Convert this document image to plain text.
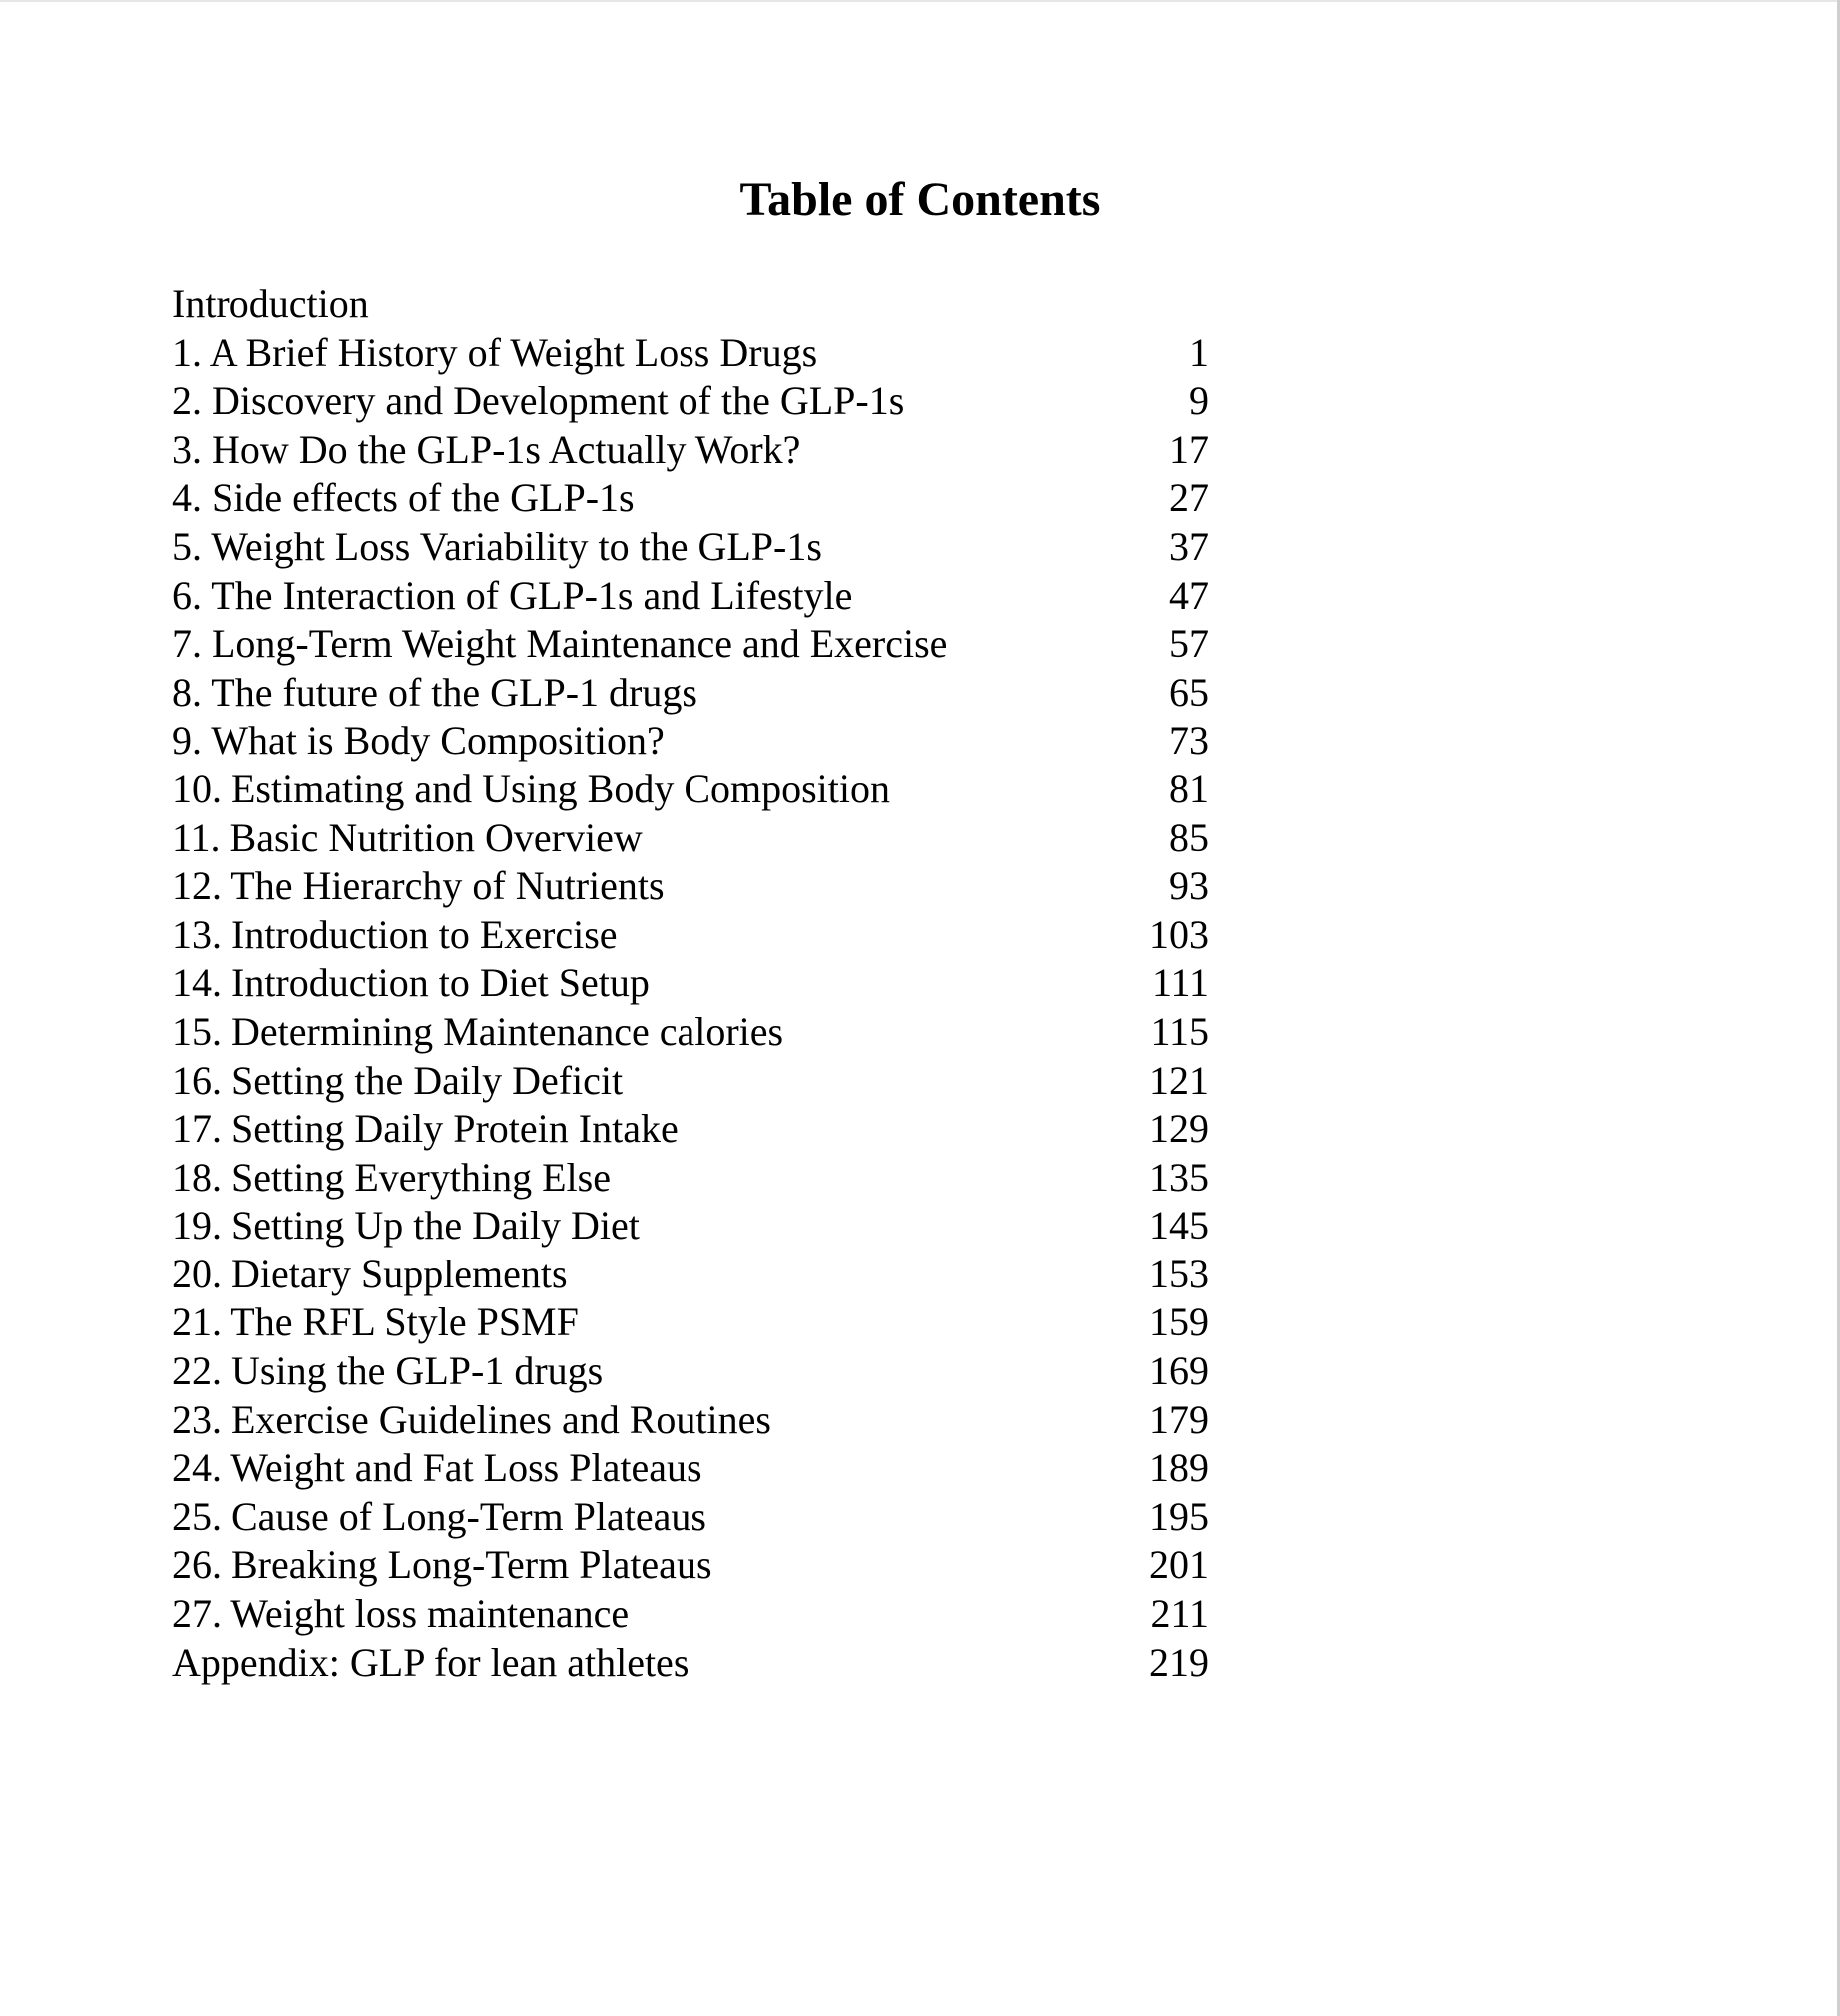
Table of Contents
Introduction
1. A Brief History of Weight Loss Drugs	1
2. Discovery and Development of the GLP-1s	9
3. How Do the GLP-1s Actually Work?	17
4. Side effects of the GLP-1s	27
5. Weight Loss Variability to the GLP-1s	37
6. The Interaction of GLP-1s and Lifestyle	47
7. Long-Term Weight Maintenance and Exercise	57
8. The future of the GLP-1 drugs	65
9. What is Body Composition?	73
10. Estimating and Using Body Composition	81
11. Basic Nutrition Overview	85
12. The Hierarchy of Nutrients	93
13. Introduction to Exercise	103
14. Introduction to Diet Setup	111
15. Determining Maintenance calories	115
16. Setting the Daily Deficit	121
17. Setting Daily Protein Intake	129
18. Setting Everything Else	135
19. Setting Up the Daily Diet	145
20. Dietary Supplements	153
21. The RFL Style PSMF	159
22. Using the GLP-1 drugs	169
23. Exercise Guidelines and Routines	179
24. Weight and Fat Loss Plateaus	189
25. Cause of Long-Term Plateaus	195
26. Breaking Long-Term Plateaus	201
27. Weight loss maintenance	211
Appendix: GLP for lean athletes	219
